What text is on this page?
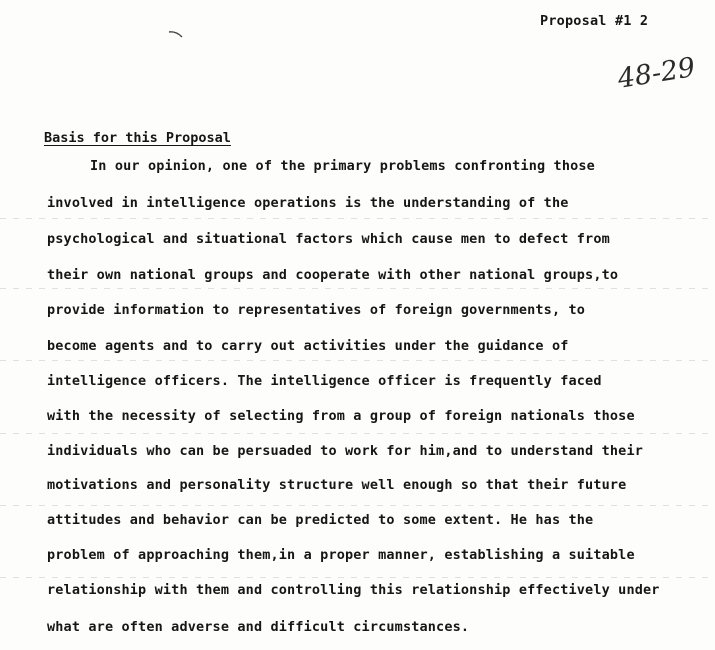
Proposal #1 2
48-29
Basis for this Proposal
In our opinion, one of the primary problems confronting those
involved in intelligence operations is the understanding of the
psychological and situational factors which cause men to defect from
their own national groups and cooperate with other national groups,to
provide information to representatives of foreign governments, to
become agents and to carry out activities under the guidance of
intelligence officers. The intelligence officer is frequently faced
with the necessity of selecting from a group of foreign nationals those
individuals who can be persuaded to work for him,and to understand their
motivations and personality structure well enough so that their future
attitudes and behavior can be predicted to some extent. He has the
problem of approaching them,in a proper manner, establishing a suitable
relationship with them and controlling this relationship effectively under
what are often adverse and difficult circumstances.
